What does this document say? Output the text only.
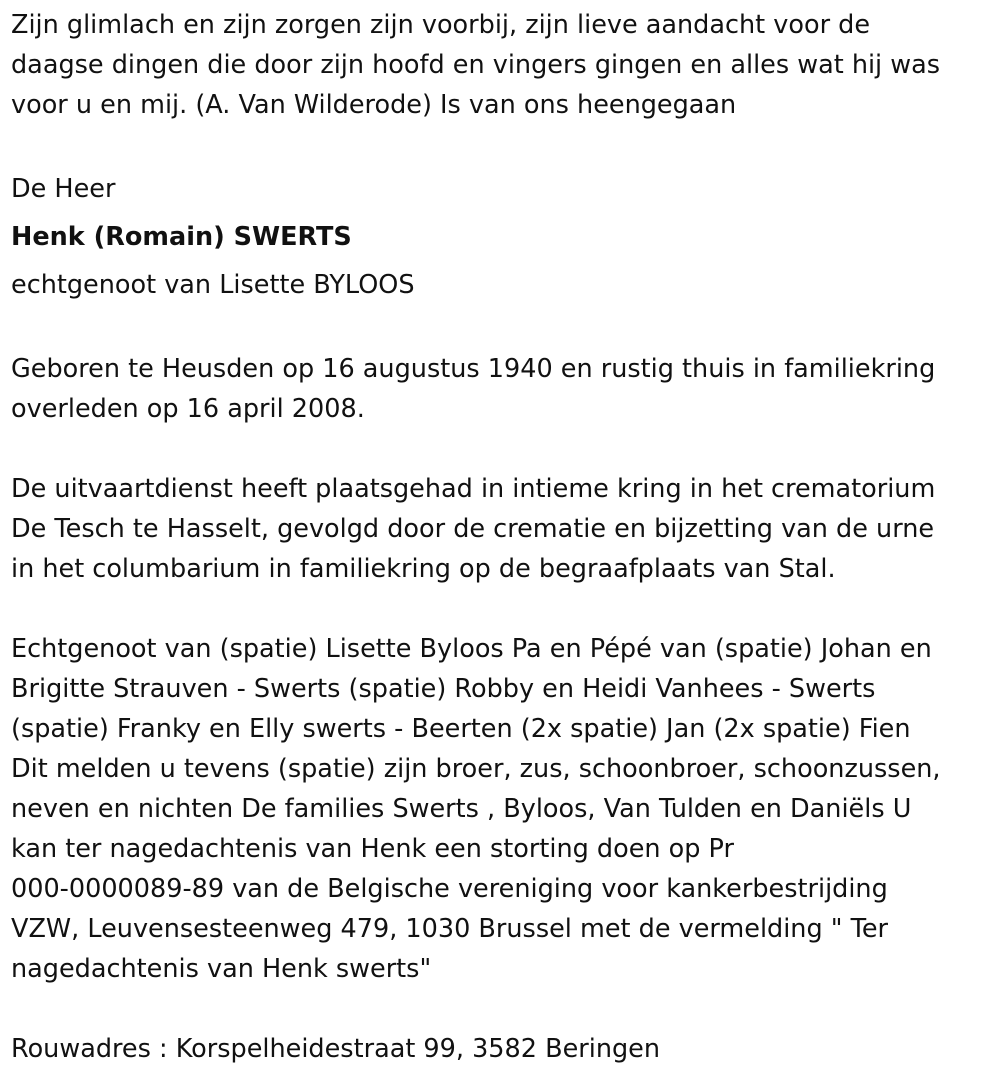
Zijn glimlach en zijn zorgen zijn voorbij, zijn lieve aandacht voor de
daagse dingen die door zijn hoofd en vingers gingen en alles wat hij was
voor u en mij. (A. Van Wilderode) Is van ons heengegaan

De Heer
Henk (Romain) SWERTS
echtgenoot van Lisette BYLOOS

Geboren te Heusden op 16 augustus 1940 en rustig thuis in familiekring
overleden op 16 april 2008.

De uitvaartdienst heeft plaatsgehad in intieme kring in het crematorium
De Tesch te Hasselt, gevolgd door de crematie en bijzetting van de urne
in het columbarium in familiekring op de begraafplaats van Stal.

Echtgenoot van (spatie) Lisette Byloos Pa en Pépé van (spatie) Johan en
Brigitte Strauven - Swerts (spatie) Robby en Heidi Vanhees - Swerts
(spatie) Franky en Elly swerts - Beerten (2x spatie) Jan (2x spatie) Fien
Dit melden u tevens (spatie) zijn broer, zus, schoonbroer, schoonzussen,
neven en nichten De families Swerts , Byloos, Van Tulden en Daniëls U
kan ter nagedachtenis van Henk een storting doen op Pr
000-0000089-89 van de Belgische vereniging voor kankerbestrijding
VZW, Leuvensesteenweg 479, 1030 Brussel met de vermelding " Ter
nagedachtenis van Henk swerts"

Rouwadres : Korspelheidestraat 99, 3582 Beringen
